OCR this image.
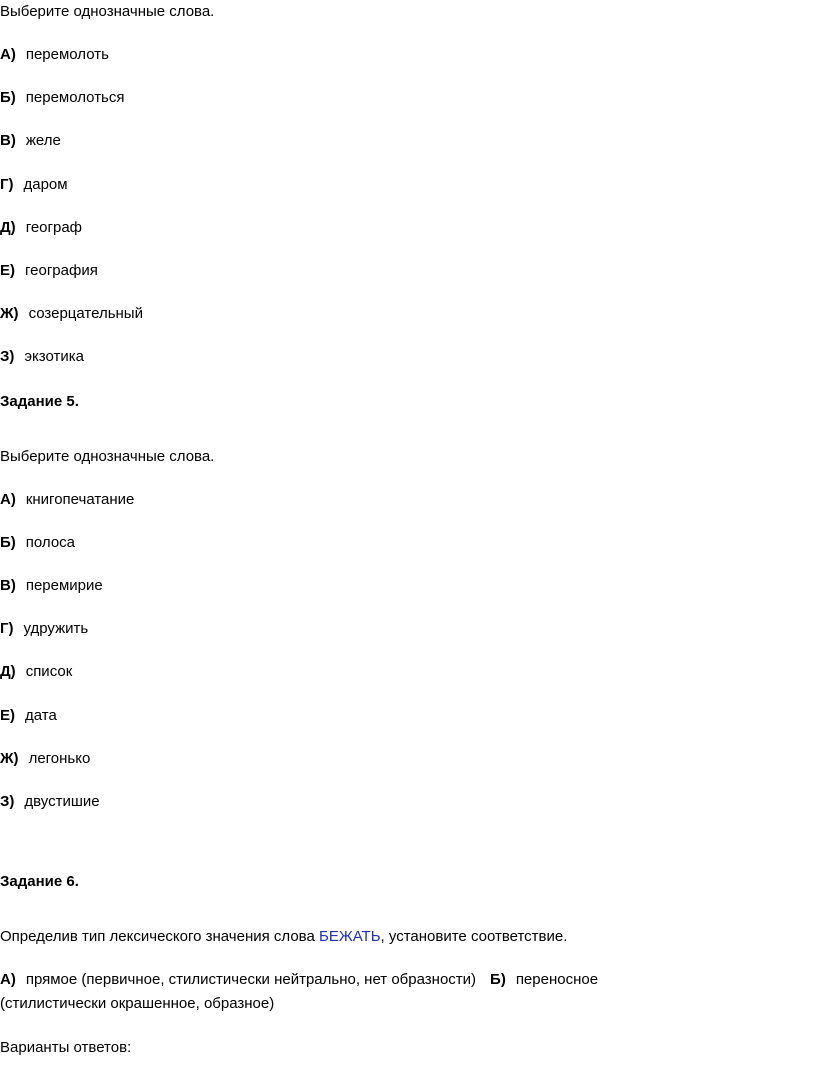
Выберите однозначные слова.
А) перемолоть
Б) перемолоться
В) желе
Г) даром
Д) географ
Е) география
Ж) созерцательный
З) экзотика
Задание 5.
Выберите однозначные слова.
А) книгопечатание
Б) полоса
В) перемирие
Г) удружить
Д) список
Е) дата
Ж) легонько
З) двустишие
Задание 6.
Определив тип лексического значения слова БЕЖАТЬ, установите соответствие.
А) прямое (первичное, стилистически нейтрально, нет образности) Б) переносное
(стилистически окрашенное, образное)
Варианты ответов:
